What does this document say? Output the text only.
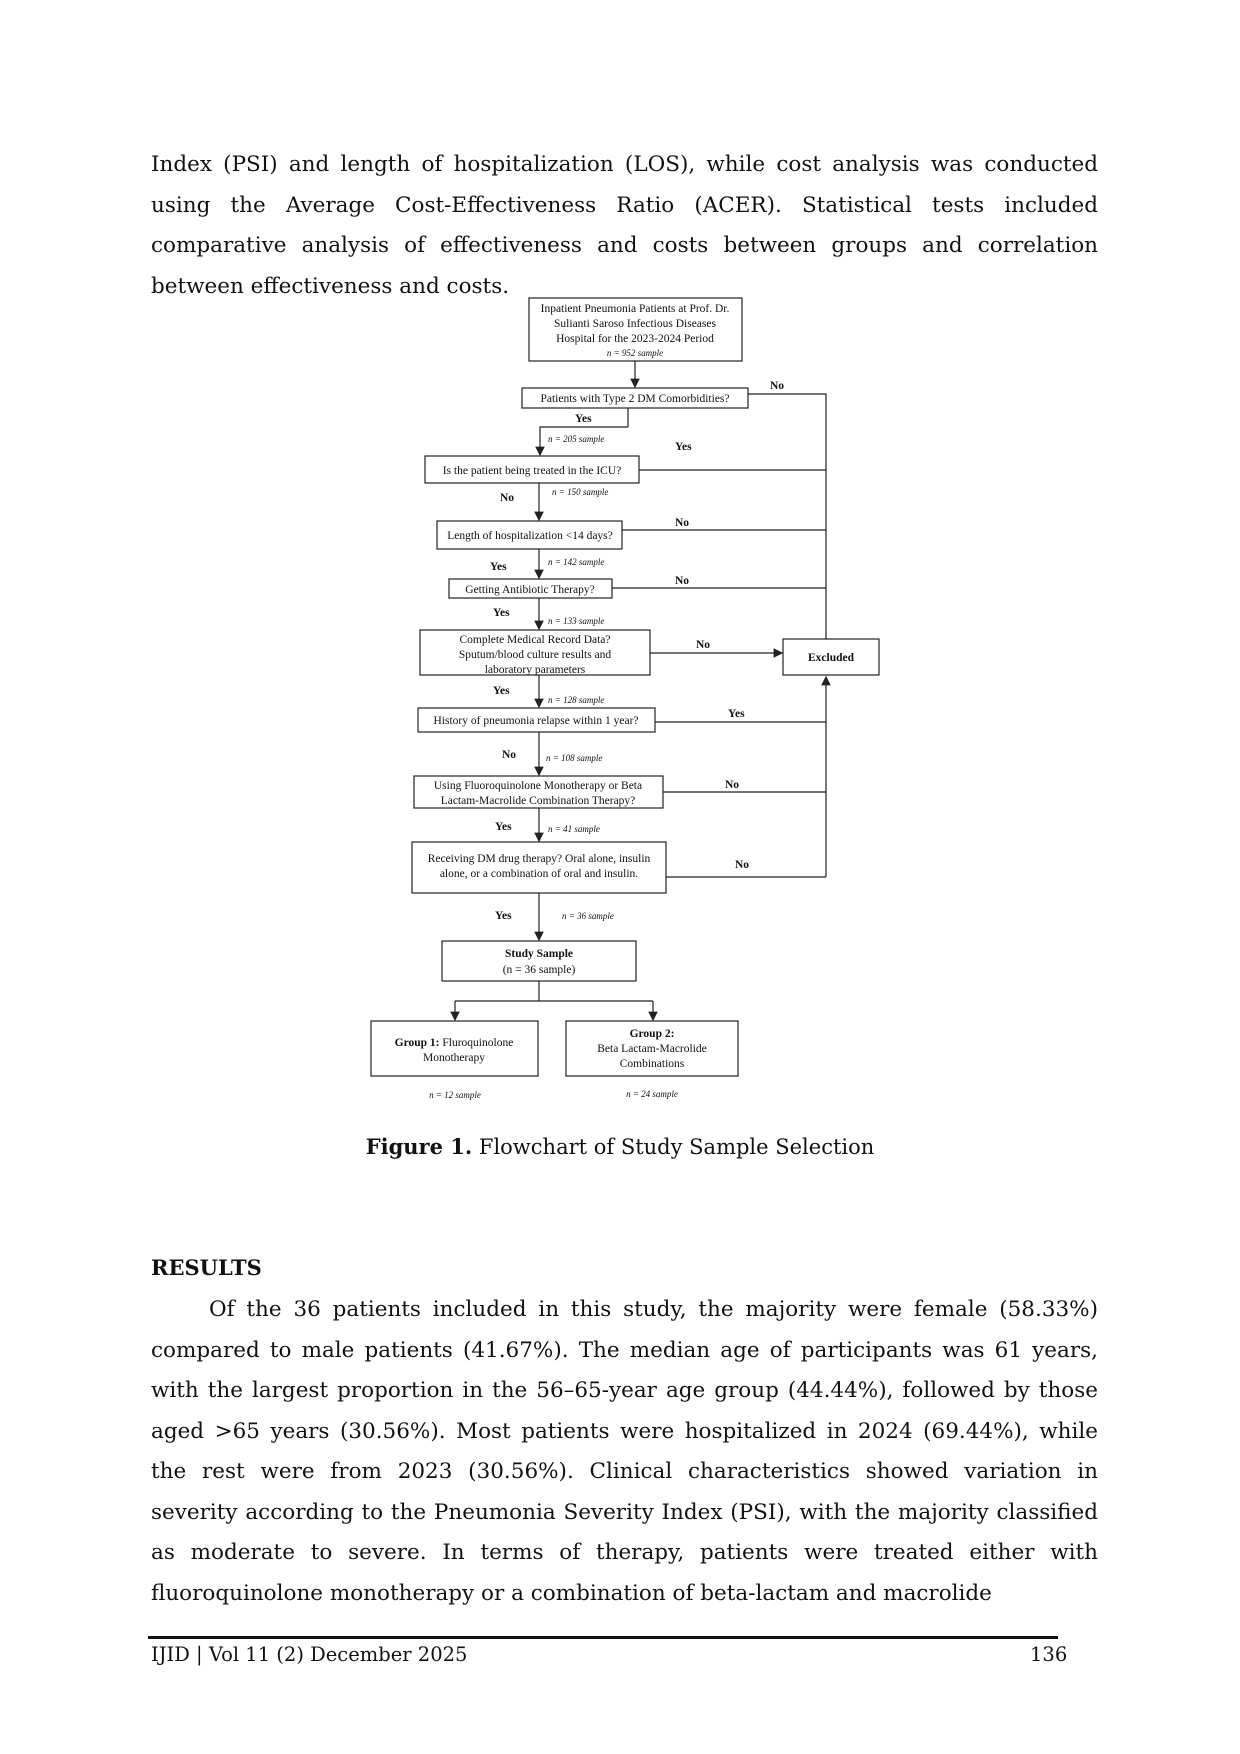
Index (PSI) and length of hospitalization (LOS), while cost analysis was conducted using the Average Cost-Effectiveness Ratio (ACER). Statistical tests included comparative analysis of effectiveness and costs between groups and correlation between effectiveness and costs.

Inpatient Pneumonia Patients at Prof. Dr.
Sulianti Saroso Infectious Diseases
Hospital for the 2023-2024 Period
n = 952 sample
Patients with Type 2 DM Comorbidities?
No
Yes
n = 205 sample
Is the patient being treated in the ICU?
Yes
No	n = 150 sample
Length of hospitalization <14 days?
No
Yes	n = 142 sample
Getting Antibiotic Therapy?
No
Yes
n = 133 sample
Complete Medical Record Data?
Sputum/blood culture results and
laboratory parameters
No
Excluded
Yes
n = 128 sample
History of pneumonia relapse within 1 year?
Yes
No	n = 108 sample
Using Fluoroquinolone Monotherapy or Beta
Lactam-Macrolide Combination Therapy?
No
Yes	n = 41 sample
Receiving DM drug therapy? Oral alone, insulin
alone, or a combination of oral and insulin.
No
Yes	n = 36 sample
Study Sample
(n = 36 sample)
Group 1: Fluroquinolone
Monotherapy
n = 12 sample
Group 2:
Beta Lactam-Macrolide
Combinations
n = 24 sample

Figure 1. Flowchart of Study Sample Selection

RESULTS

Of the 36 patients included in this study, the majority were female (58.33%) compared to male patients (41.67%). The median age of participants was 61 years, with the largest proportion in the 56–65-year age group (44.44%), followed by those aged >65 years (30.56%). Most patients were hospitalized in 2024 (69.44%), while the rest were from 2023 (30.56%). Clinical characteristics showed variation in severity according to the Pneumonia Severity Index (PSI), with the majority classified as moderate to severe. In terms of therapy, patients were treated either with fluoroquinolone monotherapy or a combination of beta-lactam and macrolide

IJID | Vol 11 (2) December 2025	136
